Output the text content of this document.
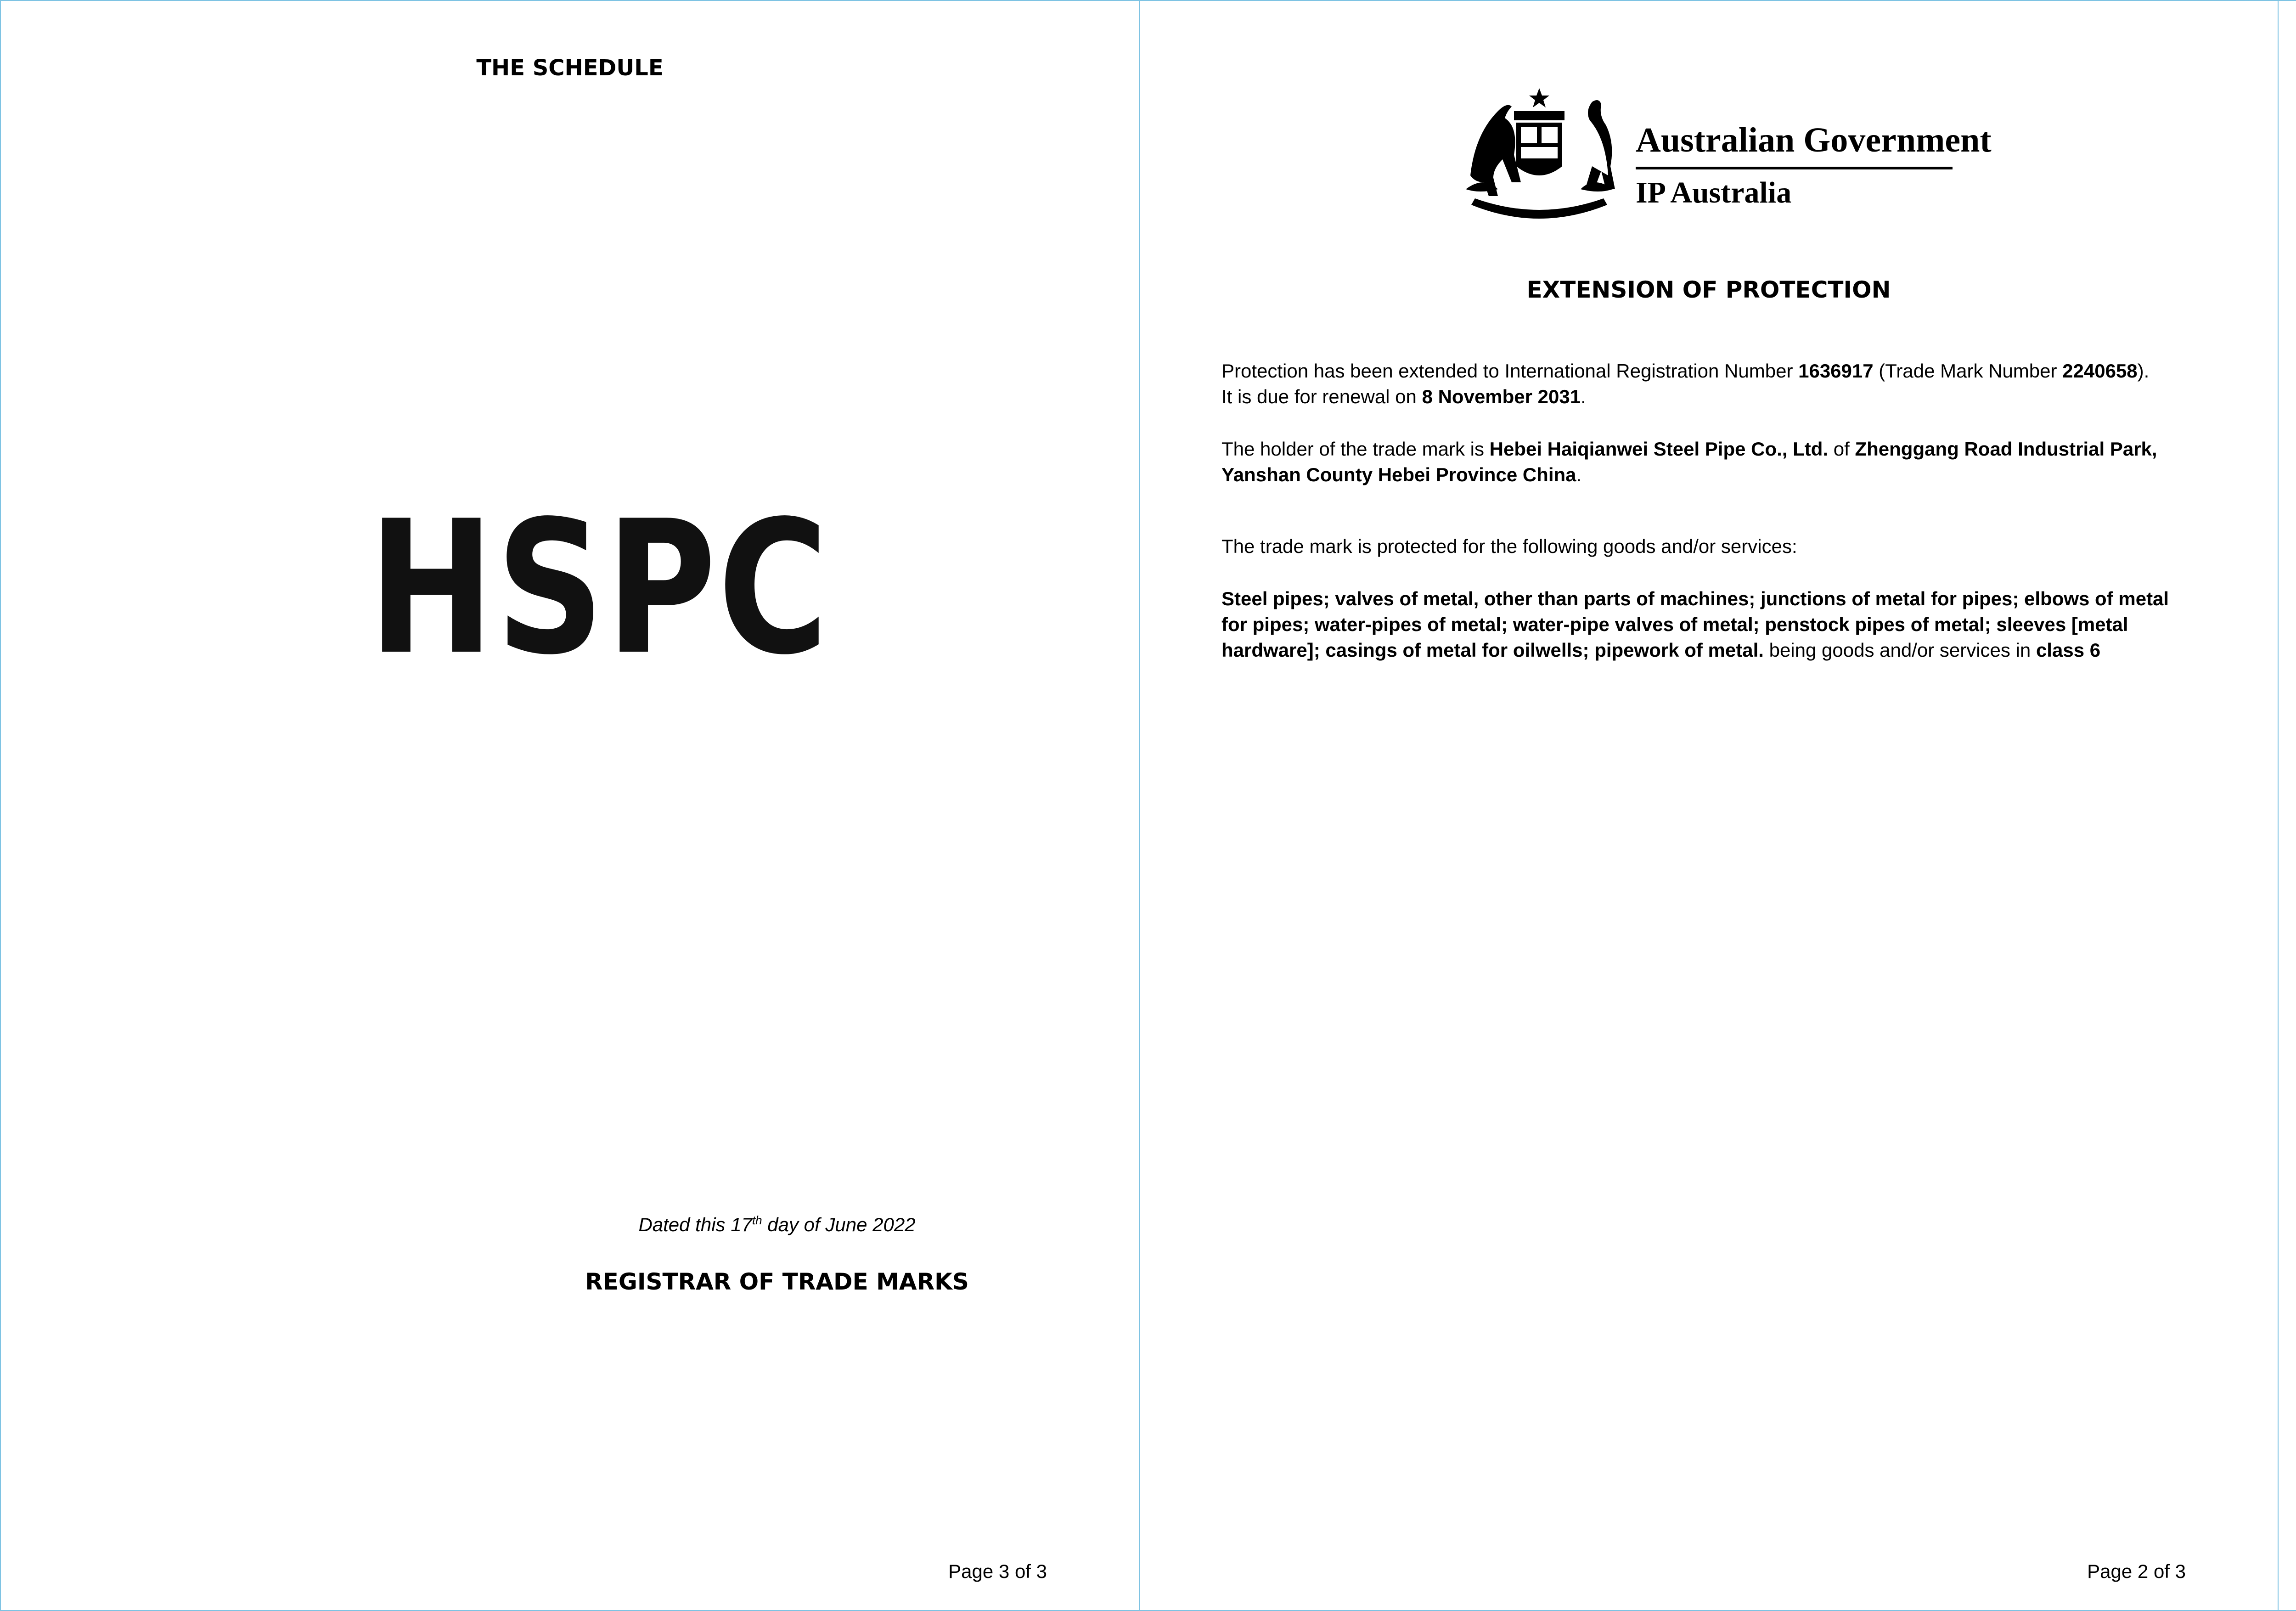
THE SCHEDULE
HSPC
Dated this 17th day of June 2022
REGISTRAR OF TRADE MARKS
Page 3 of 3
Australian Government
IP Australia
EXTENSION OF PROTECTION

Protection has been extended to International Registration Number 1636917 (Trade Mark Number 2240658).
It is due for renewal on 8 November 2031.

The holder of the trade mark is Hebei Haiqianwei Steel Pipe Co., Ltd. of Zhenggang Road Industrial Park, Yanshan County Hebei Province China.

The trade mark is protected for the following goods and/or services:

Steel pipes; valves of metal, other than parts of machines; junctions of metal for pipes; elbows of metal for pipes; water-pipes of metal; water-pipe valves of metal; penstock pipes of metal; sleeves [metal hardware]; casings of metal for oilwells; pipework of metal. being goods and/or services in class 6

Page 2 of 3
